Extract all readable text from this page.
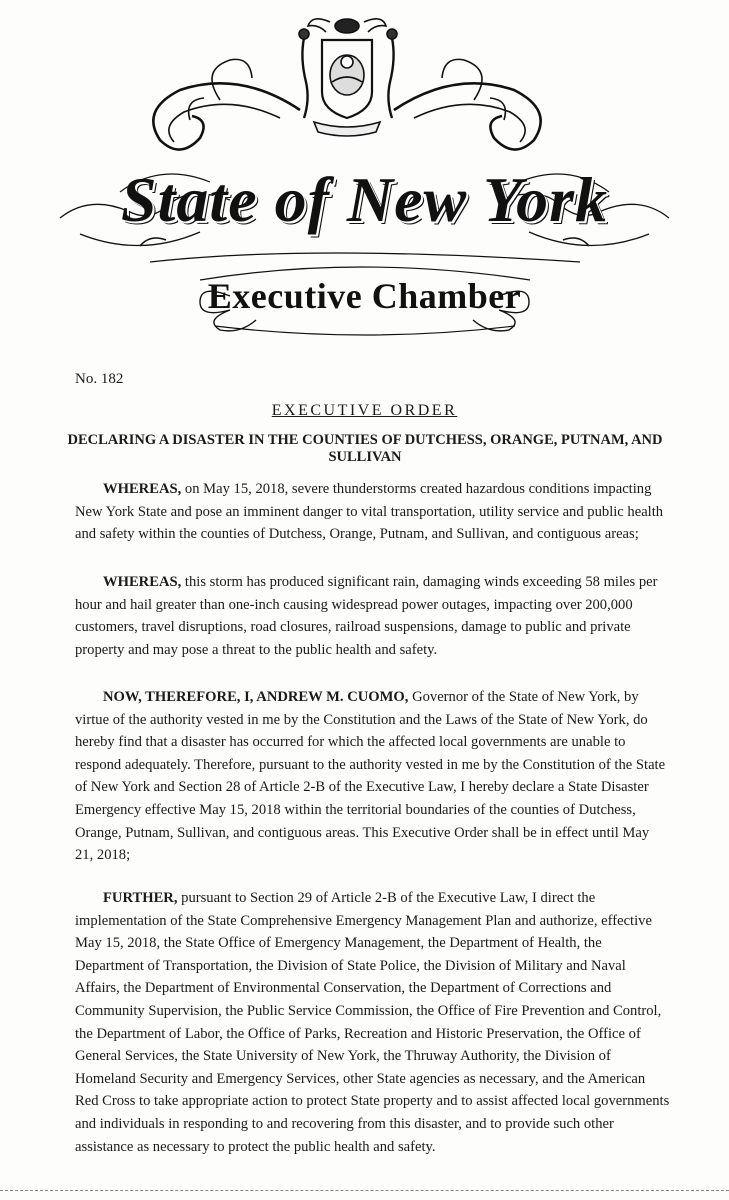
State of New York
Executive Chamber
No. 182
EXECUTIVE ORDER
DECLARING A DISASTER IN THE COUNTIES OF DUTCHESS, ORANGE, PUTNAM, AND SULLIVAN

WHEREAS, on May 15, 2018, severe thunderstorms created hazardous conditions impacting New York State and pose an imminent danger to vital transportation, utility service and public health and safety within the counties of Dutchess, Orange, Putnam, and Sullivan, and contiguous areas;

WHEREAS, this storm has produced significant rain, damaging winds exceeding 58 miles per hour and hail greater than one-inch causing widespread power outages, impacting over 200,000 customers, travel disruptions, road closures, railroad suspensions, damage to public and private property and may pose a threat to the public health and safety.

NOW, THEREFORE, I, ANDREW M. CUOMO, Governor of the State of New York, by virtue of the authority vested in me by the Constitution and the Laws of the State of New York, do hereby find that a disaster has occurred for which the affected local governments are unable to respond adequately. Therefore, pursuant to the authority vested in me by the Constitution of the State of New York and Section 28 of Article 2-B of the Executive Law, I hereby declare a State Disaster Emergency effective May 15, 2018 within the territorial boundaries of the counties of Dutchess, Orange, Putnam, Sullivan, and contiguous areas. This Executive Order shall be in effect until May 21, 2018;

FURTHER, pursuant to Section 29 of Article 2-B of the Executive Law, I direct the implementation of the State Comprehensive Emergency Management Plan and authorize, effective May 15, 2018, the State Office of Emergency Management, the Department of Health, the Department of Transportation, the Division of State Police, the Division of Military and Naval Affairs, the Department of Environmental Conservation, the Department of Corrections and Community Supervision, the Public Service Commission, the Office of Fire Prevention and Control, the Department of Labor, the Office of Parks, Recreation and Historic Preservation, the Office of General Services, the State University of New York, the Thruway Authority, the Division of Homeland Security and Emergency Services, other State agencies as necessary, and the American Red Cross to take appropriate action to protect State property and to assist affected local governments and individuals in responding to and recovering from this disaster, and to provide such other assistance as necessary to protect the public health and safety.
